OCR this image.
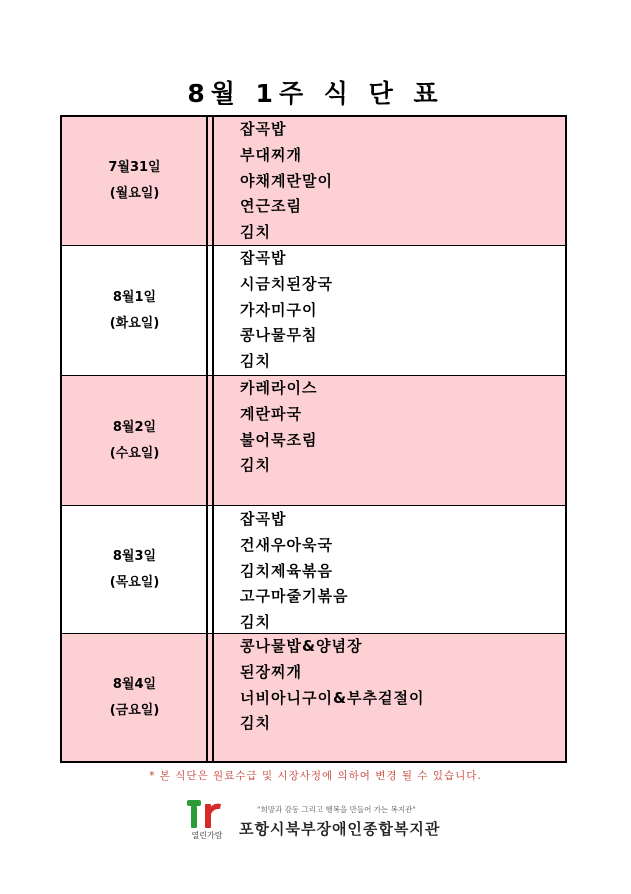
8월 1주 식 단 표
7월31일
(월요일)
잡곡밥
부대찌개
야채계란말이
연근조림
김치
8월1일
(화요일)
잡곡밥
시금치된장국
가자미구이
콩나물무침
김치
8월2일
(수요일)
카레라이스
계란파국
불어묵조림
김치
8월3일
(목요일)
잡곡밥
건새우아욱국
김치제육볶음
고구마줄기볶음
김치
8월4일
(금요일)
콩나물밥&양념장
된장찌개
너비아니구이&부추겉절이
김치
* 본 식단은 원료수급 및 시장사정에 의하여 변경 될 수 있습니다.
열린가람
"희망과 감동 그리고 행복을 만들어 가는 복지관"
포항시북부장애인종합복지관
